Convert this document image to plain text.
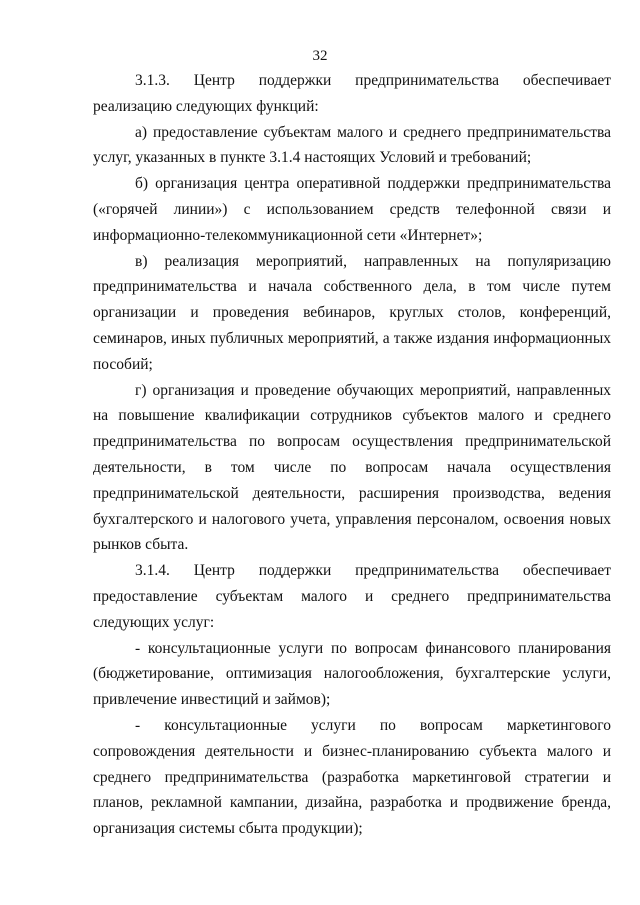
32

3.1.3. Центр поддержки предпринимательства обеспечивает реализацию следующих функций:

а) предоставление субъектам малого и среднего предпринимательства услуг, указанных в пункте 3.1.4 настоящих Условий и требований;

б) организация центра оперативной поддержки предпринимательства («горячей линии») с использованием средств телефонной связи и информационно-телекоммуникационной сети «Интернет»;

в) реализация мероприятий, направленных на популяризацию предпринимательства и начала собственного дела, в том числе путем организации и проведения вебинаров, круглых столов, конференций, семинаров, иных публичных мероприятий, а также издания информационных пособий;

г) организация и проведение обучающих мероприятий, направленных на повышение квалификации сотрудников субъектов малого и среднего предпринимательства по вопросам осуществления предпринимательской деятельности, в том числе по вопросам начала осуществления предпринимательской деятельности, расширения производства, ведения бухгалтерского и налогового учета, управления персоналом, освоения новых рынков сбыта.

3.1.4. Центр поддержки предпринимательства обеспечивает предоставление субъектам малого и среднего предпринимательства следующих услуг:

- консультационные услуги по вопросам финансового планирования (бюджетирование, оптимизация налогообложения, бухгалтерские услуги, привлечение инвестиций и займов);

- консультационные услуги по вопросам маркетингового сопровождения деятельности и бизнес-планированию субъекта малого и среднего предпринимательства (разработка маркетинговой стратегии и планов, рекламной кампании, дизайна, разработка и продвижение бренда, организация системы сбыта продукции);
